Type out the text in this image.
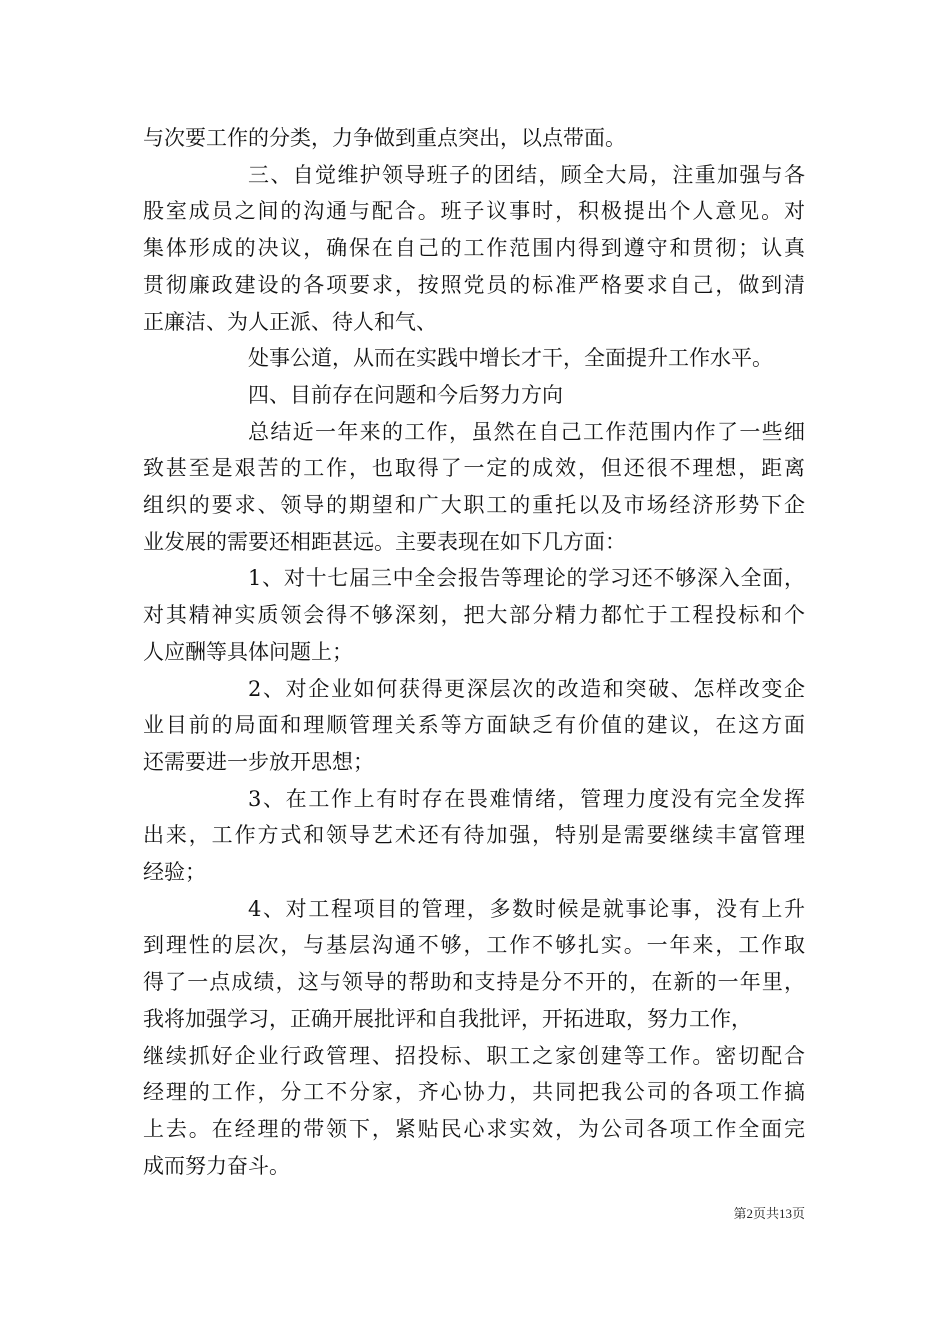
与次要工作的分类，力争做到重点突出，以点带面。
三、自觉维护领导班子的团结，顾全大局，注重加强与各
股室成员之间的沟通与配合。班子议事时，积极提出个人意见。对
集体形成的决议，确保在自己的工作范围内得到遵守和贯彻；认真
贯彻廉政建设的各项要求，按照党员的标准严格要求自己，做到清
正廉洁、为人正派、待人和气、
处事公道，从而在实践中增长才干，全面提升工作水平。
四、目前存在问题和今后努力方向
总结近一年来的工作，虽然在自己工作范围内作了一些细
致甚至是艰苦的工作，也取得了一定的成效，但还很不理想，距离
组织的要求、领导的期望和广大职工的重托以及市场经济形势下企
业发展的需要还相距甚远。主要表现在如下几方面：
1、对十七届三中全会报告等理论的学习还不够深入全面，
对其精神实质领会得不够深刻，把大部分精力都忙于工程投标和个
人应酬等具体问题上；
2、对企业如何获得更深层次的改造和突破、怎样改变企
业目前的局面和理顺管理关系等方面缺乏有价值的建议，在这方面
还需要进一步放开思想；
3、在工作上有时存在畏难情绪，管理力度没有完全发挥
出来，工作方式和领导艺术还有待加强，特别是需要继续丰富管理
经验；
4、对工程项目的管理，多数时候是就事论事，没有上升
到理性的层次，与基层沟通不够，工作不够扎实。一年来，工作取
得了一点成绩，这与领导的帮助和支持是分不开的，在新的一年里，
我将加强学习，正确开展批评和自我批评，开拓进取，努力工作，
继续抓好企业行政管理、招投标、职工之家创建等工作。密切配合
经理的工作，分工不分家，齐心协力，共同把我公司的各项工作搞
上去。在经理的带领下，紧贴民心求实效，为公司各项工作全面完
成而努力奋斗。
第2页共13页
